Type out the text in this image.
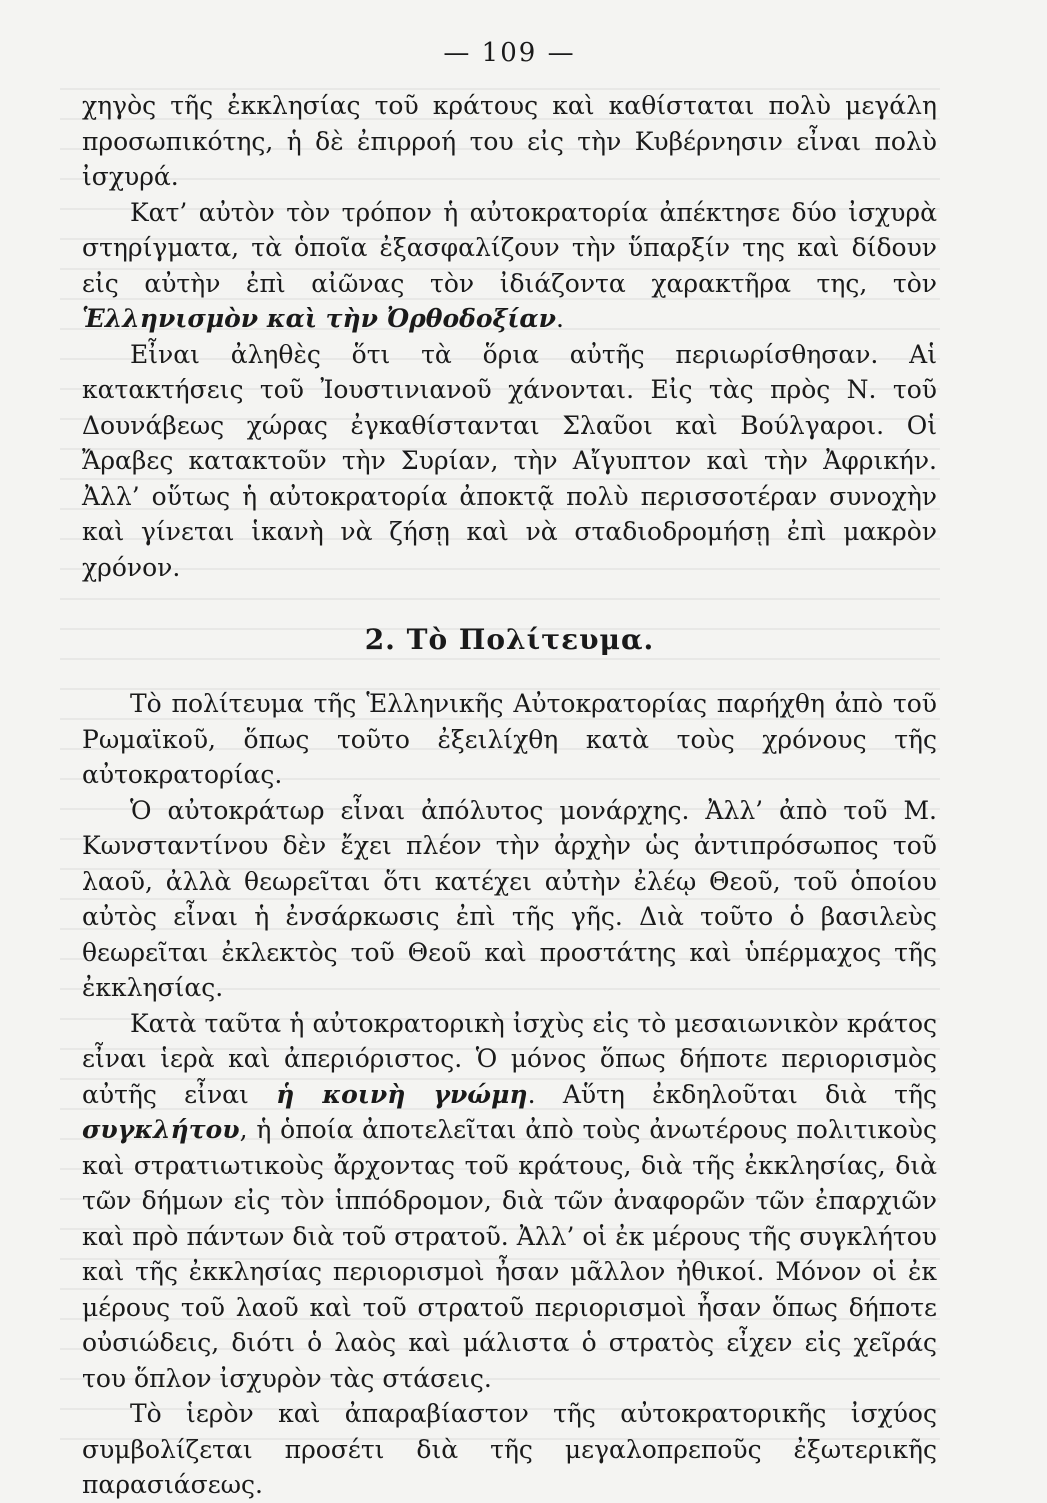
— 109 —

χηγὸς τῆς ἐκκλησίας τοῦ κράτους καὶ καθίσταται πολὺ μεγάλη προσωπικότης, ἡ δὲ ἐπιρροή του εἰς τὴν Κυβέρνησιν εἶναι πολὺ ἰσχυρά.

Κατ’ αὐτὸν τὸν τρόπον ἡ αὐτοκρατορία ἀπέκτησε δύο ἰσχυρὰ στηρίγματα, τὰ ὁποῖα ἐξασφαλίζουν τὴν ὕπαρξίν της καὶ δίδουν εἰς αὐτὴν ἐπὶ αἰῶνας τὸν ἰδιάζοντα χαρακτῆρα της, τὸν Ἑλληνισμὸν καὶ τὴν Ὀρθοδοξίαν.

Εἶναι ἀληθὲς ὅτι τὰ ὅρια αὐτῆς περιωρίσθησαν. Αἱ κατακτήσεις τοῦ Ἰουστινιανοῦ χάνονται. Εἰς τὰς πρὸς Ν. τοῦ Δουνάβεως χώρας ἐγκαθίστανται Σλαῦοι καὶ Βούλγαροι. Οἱ Ἄραβες κατακτοῦν τὴν Συρίαν, τὴν Αἴγυπτον καὶ τὴν Ἀφρικήν. Ἀλλ’ οὕτως ἡ αὐτοκρατορία ἀποκτᾷ πολὺ περισσοτέραν συνοχὴν καὶ γίνεται ἱκανὴ νὰ ζήσῃ καὶ νὰ σταδιοδρομήσῃ ἐπὶ μακρὸν χρόνον.

2. Τὸ Πολίτευμα.

Τὸ πολίτευμα τῆς Ἑλληνικῆς Αὐτοκρατορίας παρήχθη ἀπὸ τοῦ Ρωμαϊκοῦ, ὅπως τοῦτο ἐξειλίχθη κατὰ τοὺς χρόνους τῆς αὐτοκρατορίας.

Ὁ αὐτοκράτωρ εἶναι ἀπόλυτος μονάρχης. Ἀλλ’ ἀπὸ τοῦ Μ. Κωνσταντίνου δὲν ἔχει πλέον τὴν ἀρχὴν ὡς ἀντιπρόσωπος τοῦ λαοῦ, ἀλλὰ θεωρεῖται ὅτι κατέχει αὐτὴν ἐλέῳ Θεοῦ, τοῦ ὁποίου αὐτὸς εἶναι ἡ ἐνσάρκωσις ἐπὶ τῆς γῆς. Διὰ τοῦτο ὁ βασιλεὺς θεωρεῖται ἐκλεκτὸς τοῦ Θεοῦ καὶ προστάτης καὶ ὑπέρμαχος τῆς ἐκκλησίας.

Κατὰ ταῦτα ἡ αὐτοκρατορικὴ ἰσχὺς εἰς τὸ μεσαιωνικὸν κράτος εἶναι ἱερὰ καὶ ἀπεριόριστος. Ὁ μόνος ὅπως δήποτε περιορισμὸς αὐτῆς εἶναι ἡ κοινὴ γνώμη. Αὕτη ἐκδηλοῦται διὰ τῆς συγκλήτου, ἡ ὁποία ἀποτελεῖται ἀπὸ τοὺς ἀνωτέρους πολιτικοὺς καὶ στρατιωτικοὺς ἄρχοντας τοῦ κράτους, διὰ τῆς ἐκκλησίας, διὰ τῶν δήμων εἰς τὸν ἱππόδρομον, διὰ τῶν ἀναφορῶν τῶν ἐπαρχιῶν καὶ πρὸ πάντων διὰ τοῦ στρατοῦ. Ἀλλ’ οἱ ἐκ μέρους τῆς συγκλήτου καὶ τῆς ἐκκλησίας περιορισμοὶ ἦσαν μᾶλλον ἠθικοί. Μόνον οἱ ἐκ μέρους τοῦ λαοῦ καὶ τοῦ στρατοῦ περιορισμοὶ ἦσαν ὅπως δήποτε οὐσιώδεις, διότι ὁ λαὸς καὶ μάλιστα ὁ στρατὸς εἶχεν εἰς χεῖράς του ὅπλον ἰσχυρὸν τὰς στάσεις.

Τὸ ἱερὸν καὶ ἀπαραβίαστον τῆς αὐτοκρατορικῆς ἰσχύος συμβολίζεται προσέτι διὰ τῆς μεγαλοπρεποῦς ἐξωτερικῆς παρασιάσεως.
